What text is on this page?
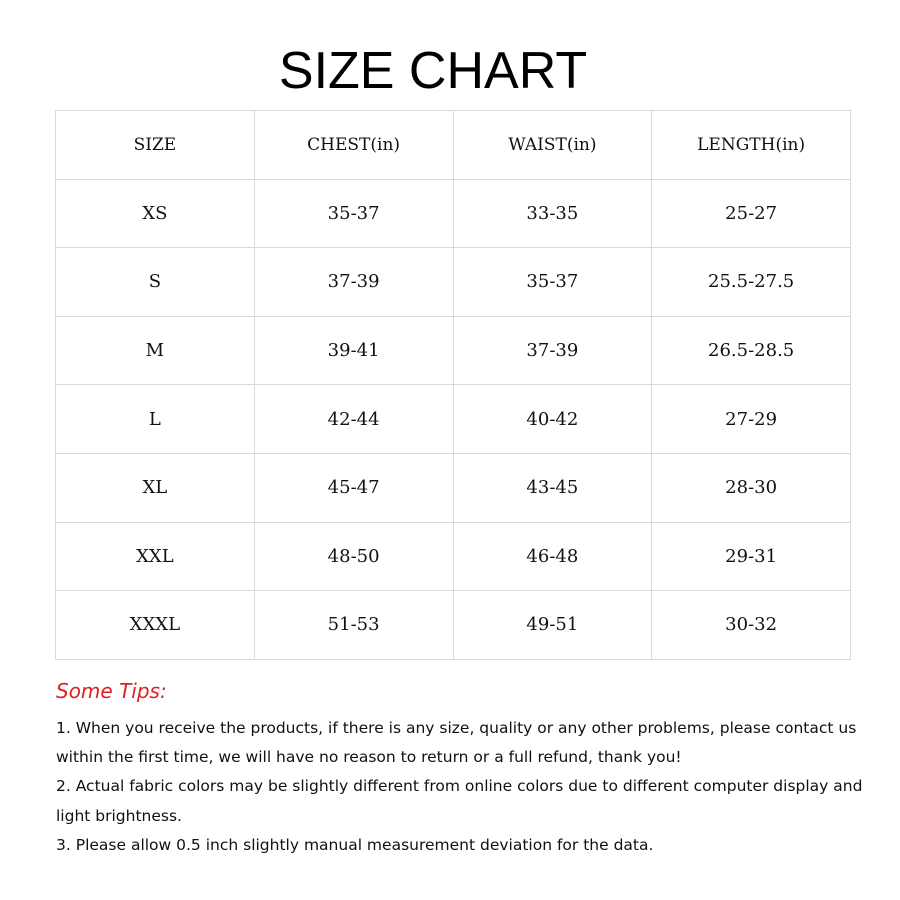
SIZE CHART
SIZE	CHEST(in)	WAIST(in)	LENGTH(in)
XS	35-37	33-35	25-27
S	37-39	35-37	25.5-27.5
M	39-41	37-39	26.5-28.5
L	42-44	40-42	27-29
XL	45-47	43-45	28-30
XXL	48-50	46-48	29-31
XXXL	51-53	49-51	30-32
Some Tips:

1. When you receive the products, if there is any size, quality or any other problems, please contact us within the first time, we will have no reason to return or a full refund, thank you!

2. Actual fabric colors may be slightly different from online colors due to different computer display and light brightness.

3. Please allow 0.5 inch slightly manual measurement deviation for the data.
